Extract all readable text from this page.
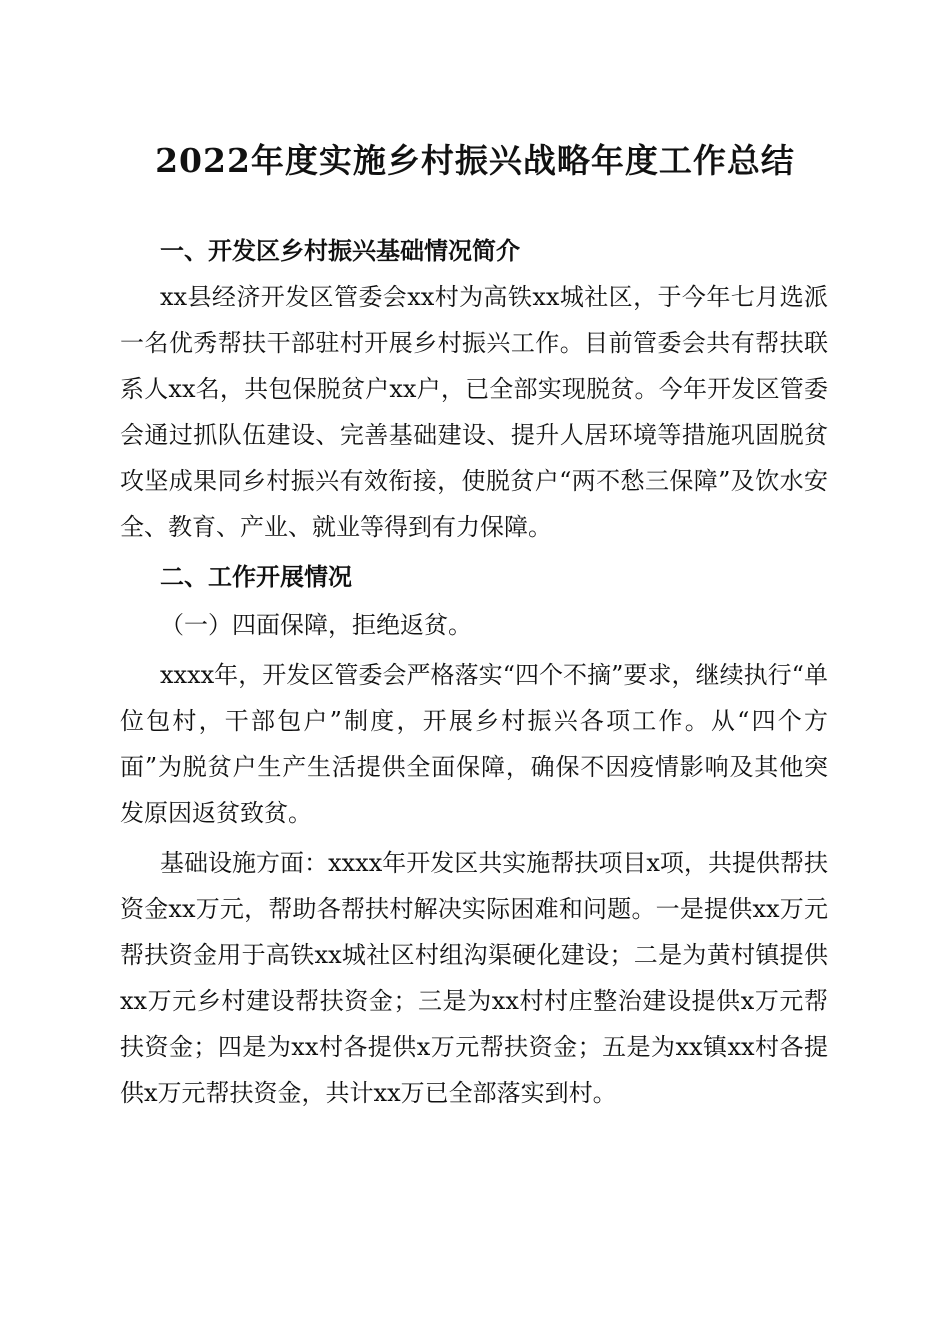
2022年度实施乡村振兴战略年度工作总结

一、开发区乡村振兴基础情况简介

xx县经济开发区管委会xx村为高铁xx城社区，于今年七月选派一名优秀帮扶干部驻村开展乡村振兴工作。目前管委会共有帮扶联系人xx名，共包保脱贫户xx户，已全部实现脱贫。今年开发区管委会通过抓队伍建设、完善基础建设、提升人居环境等措施巩固脱贫攻坚成果同乡村振兴有效衔接，使脱贫户“两不愁三保障”及饮水安全、教育、产业、就业等得到有力保障。

二、工作开展情况

（一）四面保障，拒绝返贫。

xxxx年，开发区管委会严格落实“四个不摘”要求，继续执行“单位包村，干部包户”制度，开展乡村振兴各项工作。从“四个方面”为脱贫户生产生活提供全面保障，确保不因疫情影响及其他突发原因返贫致贫。

基础设施方面：xxxx年开发区共实施帮扶项目x项，共提供帮扶资金xx万元，帮助各帮扶村解决实际困难和问题。一是提供xx万元帮扶资金用于高铁xx城社区村组沟渠硬化建设；二是为黄村镇提供xx万元乡村建设帮扶资金；三是为xx村村庄整治建设提供x万元帮扶资金；四是为xx村各提供x万元帮扶资金；五是为xx镇xx村各提供x万元帮扶资金，共计xx万已全部落实到村。
